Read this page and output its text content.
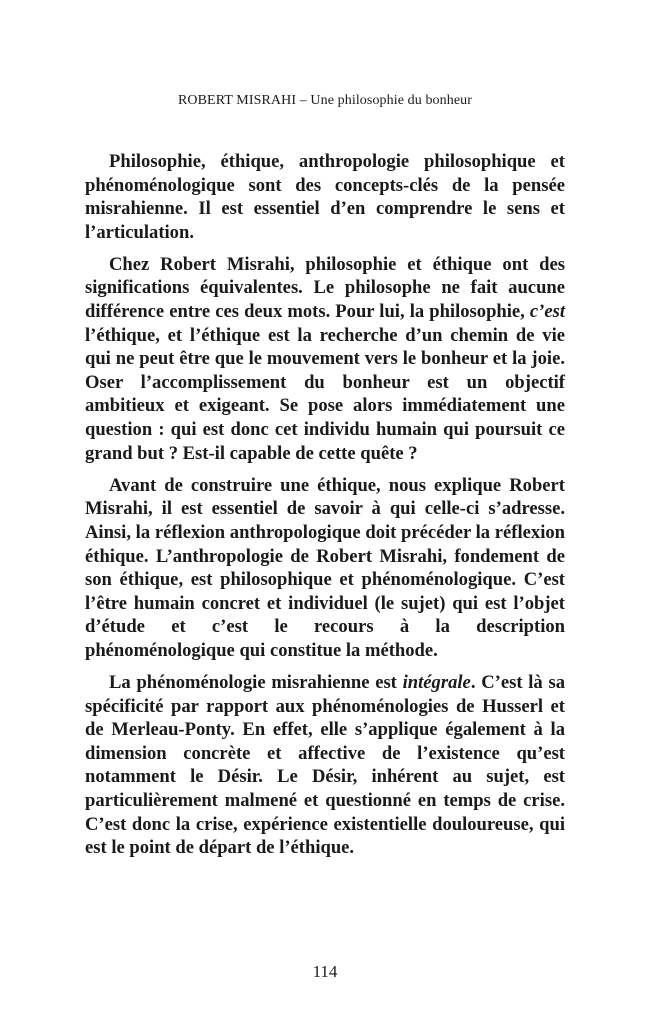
ROBERT MISRAHI – Une philosophie du bonheur

Philosophie, éthique, anthropologie philosophique et phénoménologique sont des concepts-clés de la pensée misrahienne. Il est essentiel d’en comprendre le sens et l’articulation.

Chez Robert Misrahi, philosophie et éthique ont des significations équivalentes. Le philosophe ne fait aucune différence entre ces deux mots. Pour lui, la philosophie, c’est l’éthique, et l’éthique est la recherche d’un chemin de vie qui ne peut être que le mouvement vers le bonheur et la joie. Oser l’accomplissement du bonheur est un objectif ambitieux et exigeant. Se pose alors immédiatement une question : qui est donc cet individu humain qui poursuit ce grand but ? Est-il capable de cette quête ?

Avant de construire une éthique, nous explique Robert Misrahi, il est essentiel de savoir à qui celle-ci s’adresse. Ainsi, la réflexion anthropologique doit précéder la réflexion éthique. L’anthropologie de Robert Misrahi, fondement de son éthique, est philosophique et phénoménologique. C’est l’être humain concret et individuel (le sujet) qui est l’objet d’étude et c’est le recours à la description phénoménologique qui constitue la méthode.

La phénoménologie misrahienne est intégrale. C’est là sa spécificité par rapport aux phénoménologies de Husserl et de Merleau-Ponty. En effet, elle s’applique également à la dimension concrète et affective de l’existence qu’est notamment le Désir. Le Désir, inhérent au sujet, est particulièrement malmené et questionné en temps de crise. C’est donc la crise, expérience existentielle douloureuse, qui est le point de départ de l’éthique.

114
